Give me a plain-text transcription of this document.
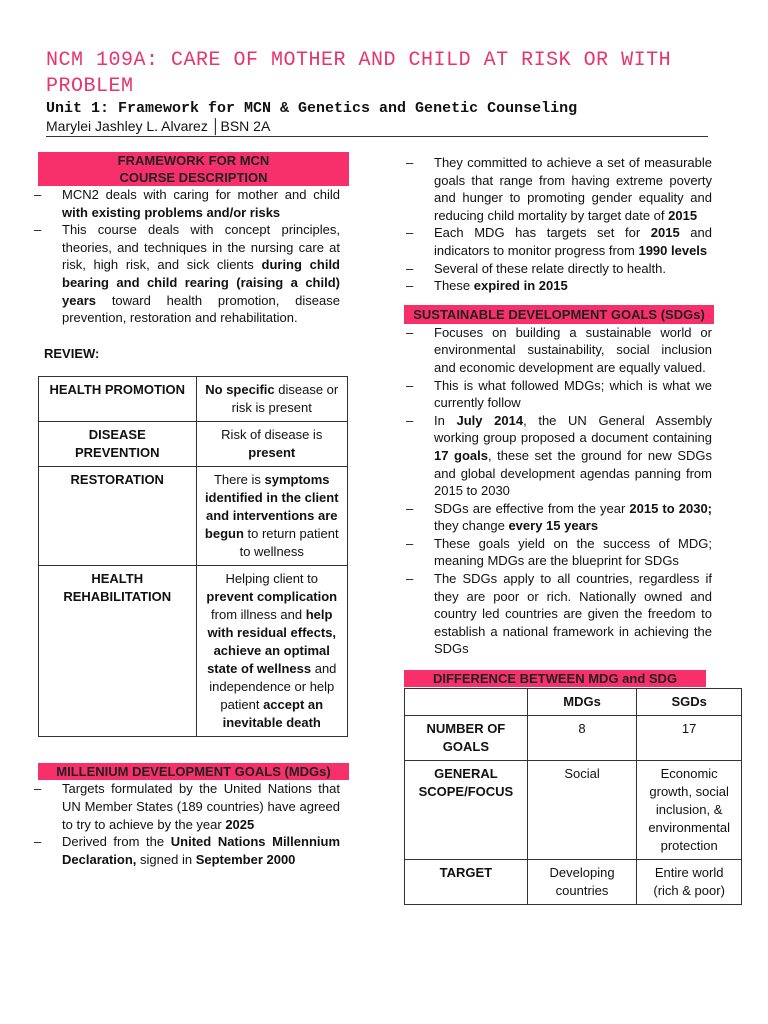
NCM 109A: CARE OF MOTHER AND CHILD AT RISK OR WITH PROBLEM
Unit 1: Framework for MCN & Genetics and Genetic Counseling
Marylei Jashley L. Alvarez │BSN 2A
FRAMEWORK FOR MCN
COURSE DESCRIPTION
– MCN2 deals with caring for mother and child with existing problems and/or risks
– This course deals with concept principles, theories, and techniques in the nursing care at risk, high risk, and sick clients during child bearing and child rearing (raising a child) years toward health promotion, disease prevention, restoration and rehabilitation.
REVIEW:
HEALTH PROMOTION	No specific disease or risk is present
DISEASE PREVENTION	Risk of disease is present
RESTORATION	There is symptoms identified in the client and interventions are begun to return patient to wellness
HEALTH REHABILITATION	Helping client to prevent complication from illness and help with residual effects, achieve an optimal state of wellness and independence or help patient accept an inevitable death
MILLENIUM DEVELOPMENT GOALS (MDGs)
– Targets formulated by the United Nations that UN Member States (189 countries) have agreed to try to achieve by the year 2025
– Derived from the United Nations Millennium Declaration, signed in September 2000
– They committed to achieve a set of measurable goals that range from having extreme poverty and hunger to promoting gender equality and reducing child mortality by target date of 2015
– Each MDG has targets set for 2015 and indicators to monitor progress from 1990 levels
– Several of these relate directly to health.
– These expired in 2015
SUSTAINABLE DEVELOPMENT GOALS (SDGs)
– Focuses on building a sustainable world or environmental sustainability, social inclusion and economic development are equally valued.
– This is what followed MDGs; which is what we currently follow
– In July 2014, the UN General Assembly working group proposed a document containing 17 goals, these set the ground for new SDGs and global development agendas panning from 2015 to 2030
– SDGs are effective from the year 2015 to 2030; they change every 15 years
– These goals yield on the success of MDG; meaning MDGs are the blueprint for SDGs
– The SDGs apply to all countries, regardless if they are poor or rich. Nationally owned and country led countries are given the freedom to establish a national framework in achieving the SDGs
DIFFERENCE BETWEEN MDG and SDG
	MDGs	SGDs
NUMBER OF GOALS	8	17
GENERAL SCOPE/FOCUS	Social	Economic growth, social inclusion, & environmental protection
TARGET	Developing countries	Entire world (rich & poor)
